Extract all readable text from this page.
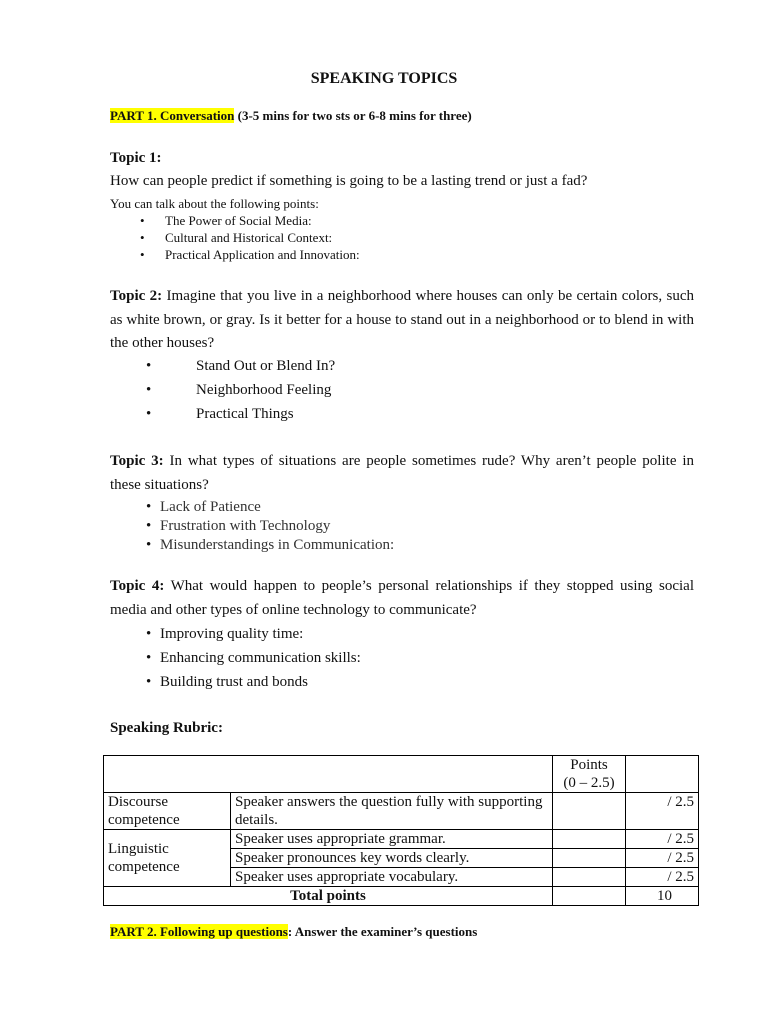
SPEAKING TOPICS
PART 1. Conversation (3-5 mins for two sts or 6-8 mins for three)
Topic 1:
How can people predict if something is going to be a lasting trend or just a fad?
You can talk about the following points:
• The Power of Social Media:
• Cultural and Historical Context:
• Practical Application and Innovation:
Topic 2: Imagine that you live in a neighborhood where houses can only be certain colors, such as white brown, or gray. Is it better for a house to stand out in a neighborhood or to blend in with the other houses?
•	Stand Out or Blend In?
•	Neighborhood Feeling
•	Practical Things
Topic 3: In what types of situations are people sometimes rude? Why aren’t people polite in these situations?
• Lack of Patience
• Frustration with Technology
• Misunderstandings in Communication:
Topic 4: What would happen to people’s personal relationships if they stopped using social media and other types of online technology to communicate?
• Improving quality time:
• Enhancing communication skills:
• Building trust and bonds
Speaking Rubric:

		Points
(0 – 2.5)	

Discourse competence	Speaker answers the question fully with supporting details.		/ 2.5
Linguistic competence	Speaker uses appropriate grammar.		/ 2.5
	Speaker pronounces key words clearly.		/ 2.5
	Speaker uses appropriate vocabulary.		/ 2.5
Total points			10
PART 2. Following up questions: Answer the examiner’s questions
